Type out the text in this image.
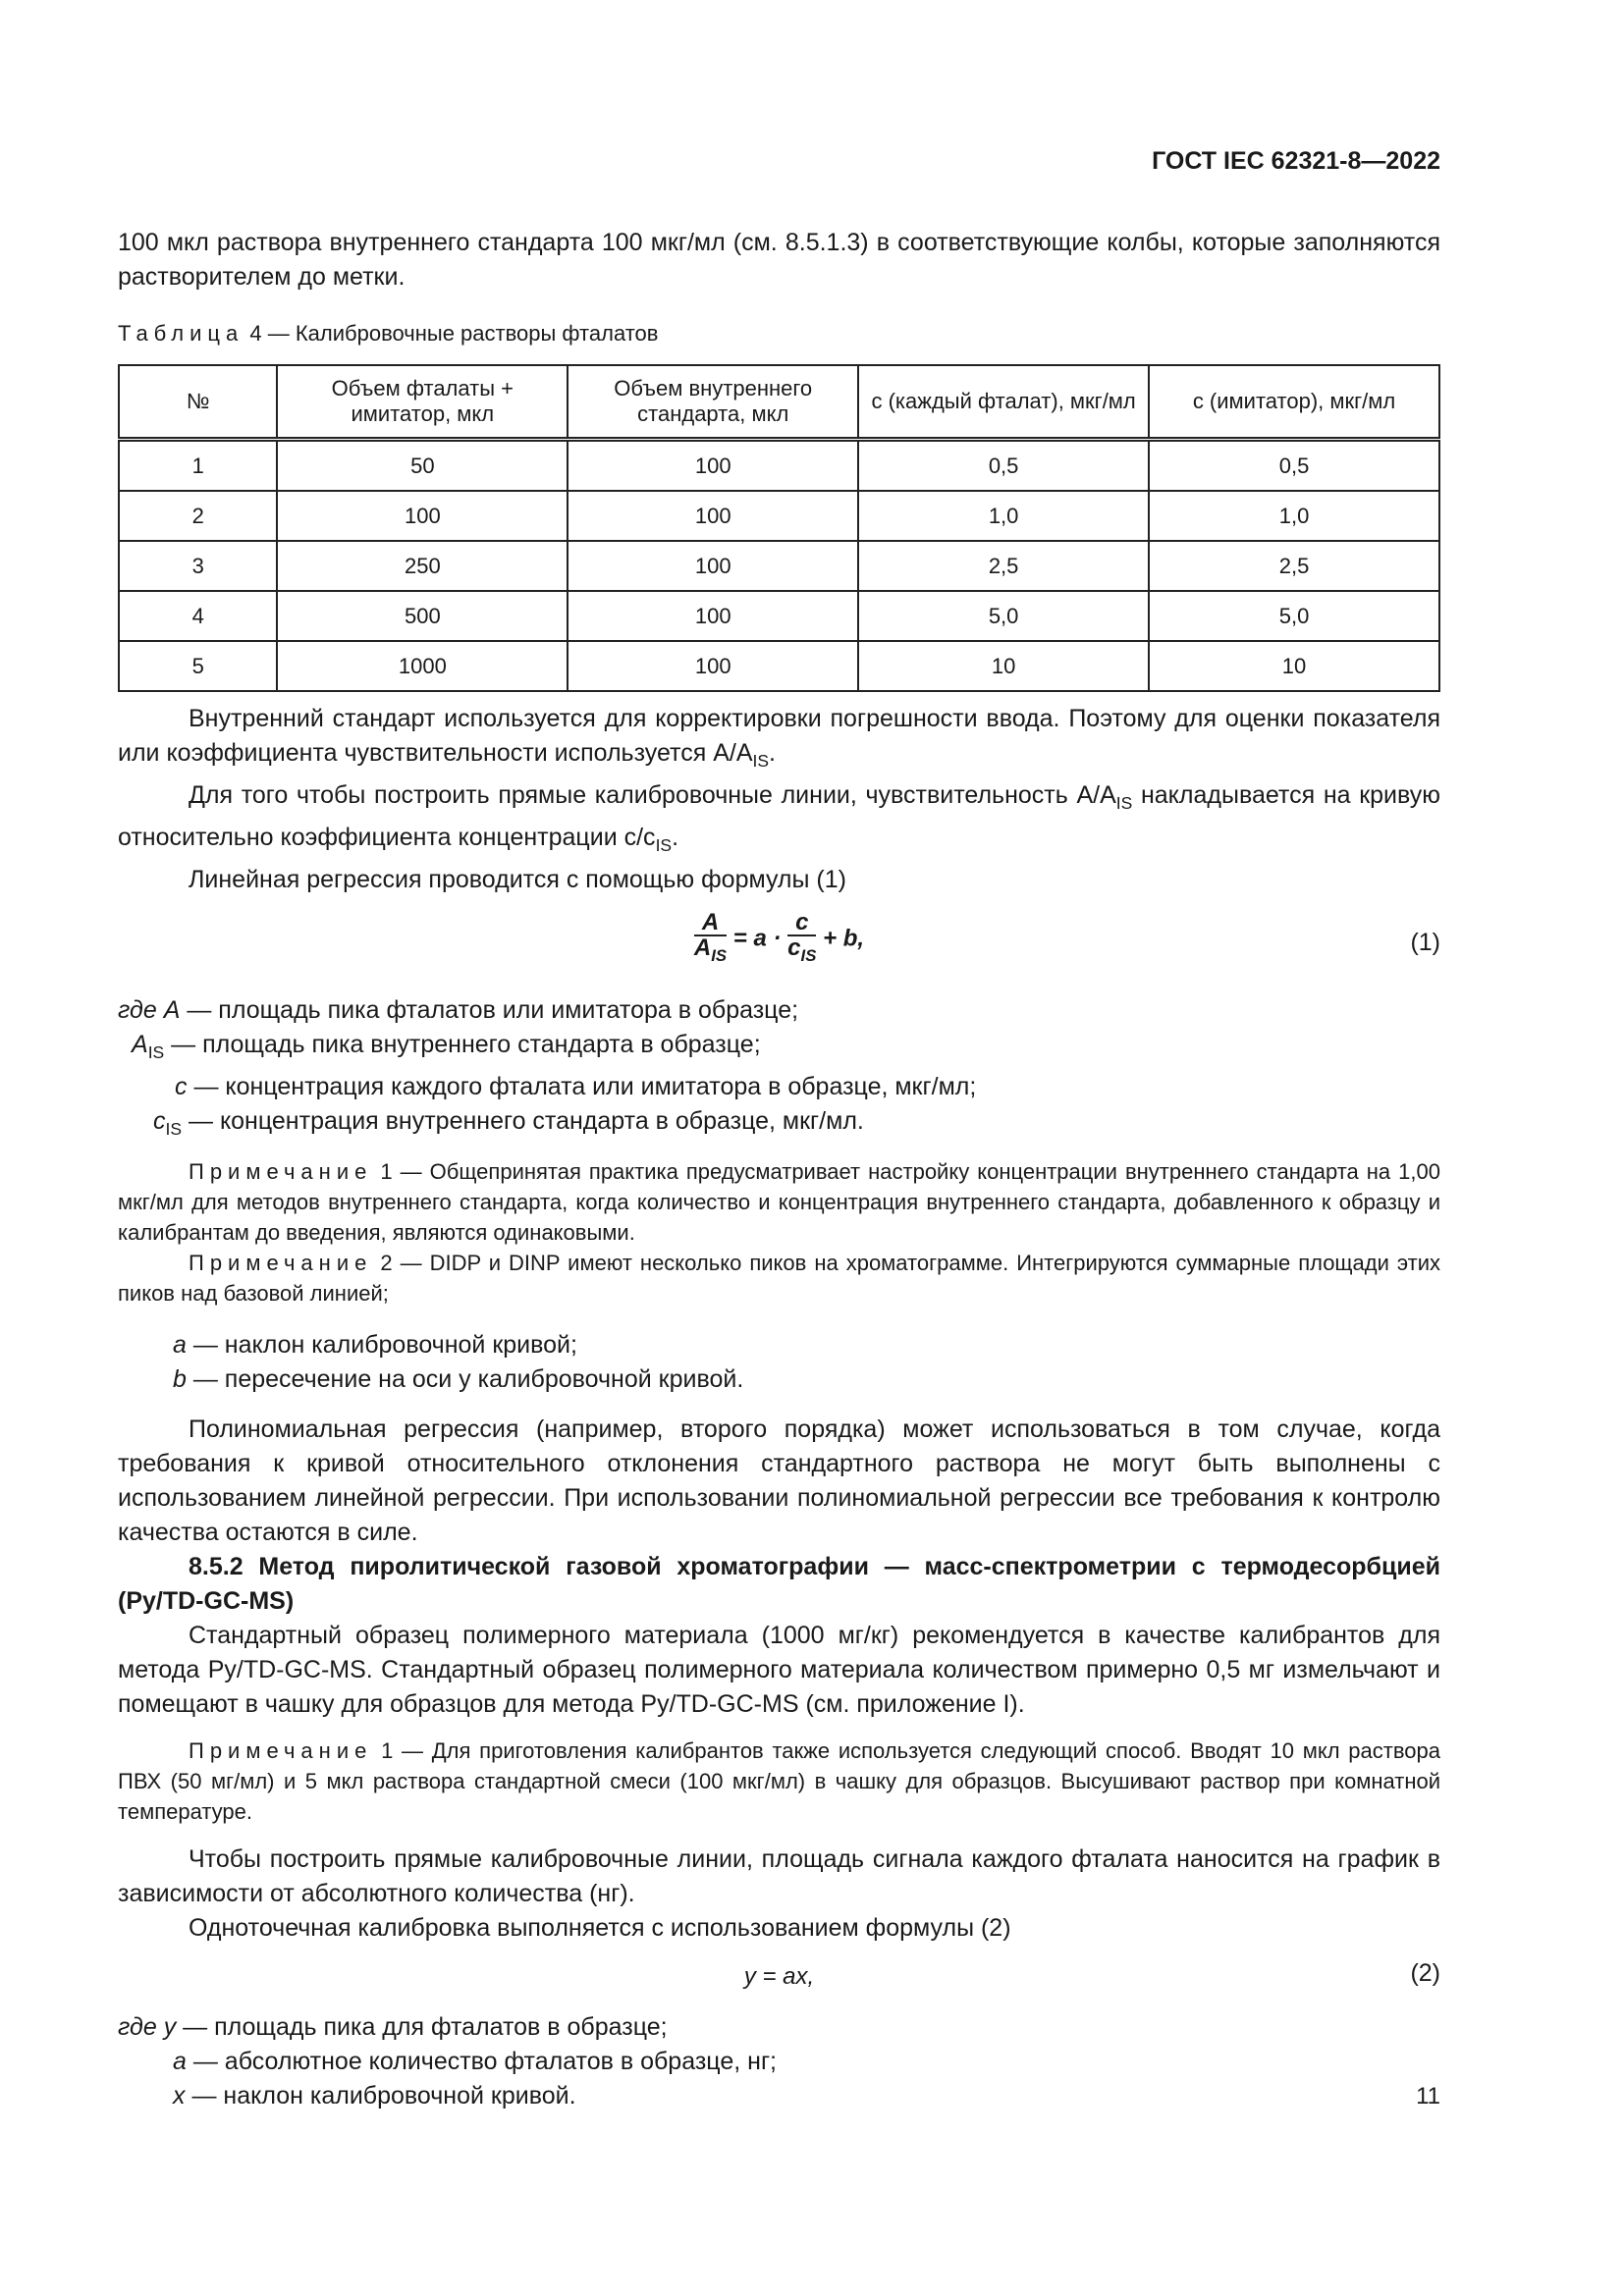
ГОСТ IEC 62321-8—2022

100 мкл раствора внутреннего стандарта 100 мкг/мл (см. 8.5.1.3) в соответствующие колбы, которые заполняются растворителем до метки.

Таблица 4 — Калибровочные растворы фталатов

№	Объем фталаты + имитатор, мкл	Объем внутреннего стандарта, мкл	c (каждый фталат), мкг/мл	c (имитатор), мкг/мл
1	50	100	0,5	0,5
2	100	100	1,0	1,0
3	250	100	2,5	2,5
4	500	100	5,0	5,0
5	1000	100	10	10

Внутренний стандарт используется для корректировки погрешности ввода. Поэтому для оценки показателя или коэффициента чувствительности используется $A/A_{IS}$.

Для того чтобы построить прямые калибровочные линии, чувствительность $A/A_{IS}$ накладывается на кривую относительно коэффициента концентрации $c/c_{IS}$.

Линейная регрессия проводится с помощью формулы (1)

$\frac{A}{A_{IS}} = a \cdot \frac{c}{c_{IS}} + b$,	(1)

где A — площадь пика фталатов или имитатора в образце;

$A_{IS}$ — площадь пика внутреннего стандарта в образце;

c — концентрация каждого фталата или имитатора в образце, мкг/мл;

$c_{IS}$ — концентрация внутреннего стандарта в образце, мкг/мл.

Примечание 1 — Общепринятая практика предусматривает настройку концентрации внутреннего стандарта на 1,00 мкг/мл для методов внутреннего стандарта, когда количество и концентрация внутреннего стандарта, добавленного к образцу и калибрантам до введения, являются одинаковыми.

Примечание 2 — DIDP и DINP имеют несколько пиков на хроматограмме. Интегрируются суммарные площади этих пиков над базовой линией;

a — наклон калибровочной кривой;

b — пересечение на оси y калибровочной кривой.

Полиномиальная регрессия (например, второго порядка) может использоваться в том случае, когда требования к кривой относительного отклонения стандартного раствора не могут быть выполнены с использованием линейной регрессии. При использовании полиномиальной регрессии все требования к контролю качества остаются в силе.

8.5.2 Метод пиролитической газовой хроматографии — масс-спектрометрии с термодесорбцией (Py/TD-GC-MS)

Стандартный образец полимерного материала (1000 мг/кг) рекомендуется в качестве калибрантов для метода Py/TD-GC-MS. Стандартный образец полимерного материала количеством примерно 0,5 мг измельчают и помещают в чашку для образцов для метода Py/TD-GC-MS (см. приложение I).

Примечание 1 — Для приготовления калибрантов также используется следующий способ. Вводят 10 мкл раствора ПВХ (50 мг/мл) и 5 мкл раствора стандартной смеси (100 мкг/мл) в чашку для образцов. Высушивают раствор при комнатной температуре.

Чтобы построить прямые калибровочные линии, площадь сигнала каждого фталата наносится на график в зависимости от абсолютного количества (нг).

Одноточечная калибровка выполняется с использованием формулы (2)

y = ax,	(2)

где y — площадь пика для фталатов в образце;

a — абсолютное количество фталатов в образце, нг;

x — наклон калибровочной кривой.	11
